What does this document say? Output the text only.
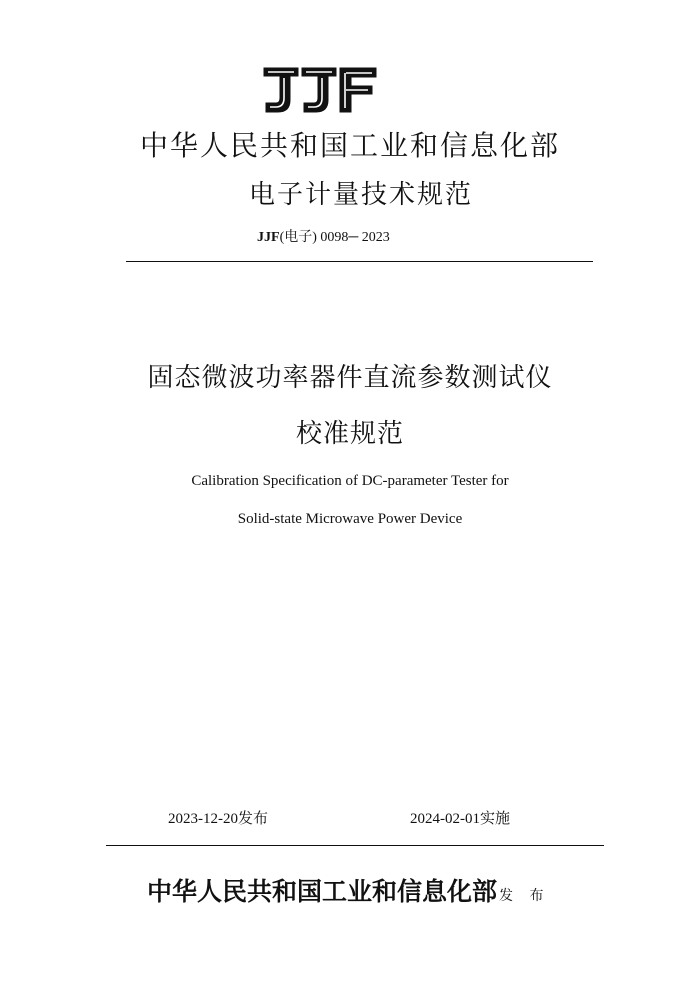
中华人民共和国工业和信息化部
电子计量技术规范
JJF(电子) 0098─ 2023
固态微波功率器件直流参数测试仪
校准规范
Calibration Specification of DC-parameter Tester for
Solid-state Microwave Power Device
2023-12-20发布	2024-02-01实施
中华人民共和国工业和信息化部 发 布
